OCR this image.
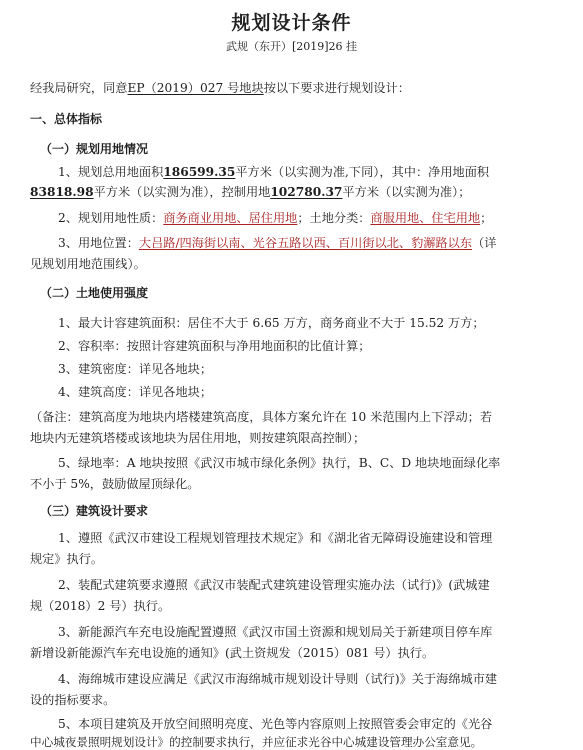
规划设计条件
武规（东开）[2019]26 挂
经我局研究，同意EP（2019）027 号地块按以下要求进行规划设计：
一、总体指标
（一）规划用地情况
1、规划总用地面积186599.35平方米（以实测为准,下同），其中：净用地面积
83818.98平方米（以实测为准），控制用地102780.37平方米（以实测为准）；
2、规划用地性质：商务商业用地、居住用地；土地分类：商服用地、住宅用地；
3、用地位置：大吕路/四海街以南、光谷五路以西、百川街以北、豹澥路以东（详
见规划用地范围线）。
（二）土地使用强度
1、最大计容建筑面积：居住不大于 6.65 万方，商务商业不大于 15.52 万方；
2、容积率：按照计容建筑面积与净用地面积的比值计算；
3、建筑密度：详见各地块；
4、建筑高度：详见各地块；
（备注：建筑高度为地块内塔楼建筑高度，具体方案允许在 10 米范围内上下浮动；若
地块内无建筑塔楼或该地块为居住用地，则按建筑限高控制）；
5、绿地率：A 地块按照《武汉市城市绿化条例》执行，B、C、D 地块地面绿化率
不小于 5%，鼓励做屋顶绿化。
（三）建筑设计要求
1、遵照《武汉市建设工程规划管理技术规定》和《湖北省无障碍设施建设和管理
规定》执行。
2、装配式建筑要求遵照《武汉市装配式建筑建设管理实施办法（试行)》(武城建
规（2018）2 号）执行。
3、新能源汽车充电设施配置遵照《武汉市国土资源和规划局关于新建项目停车库
新增设新能源汽车充电设施的通知》(武土资规发（2015）081 号）执行。
4、海绵城市建设应满足《武汉市海绵城市规划设计导则（试行)》关于海绵城市建
设的指标要求。
5、本项目建筑及开放空间照明亮度、光色等内容原则上按照管委会审定的《光谷
中心城夜景照明规划设计》的控制要求执行，并应征求光谷中心城建设管理办公室意见。
